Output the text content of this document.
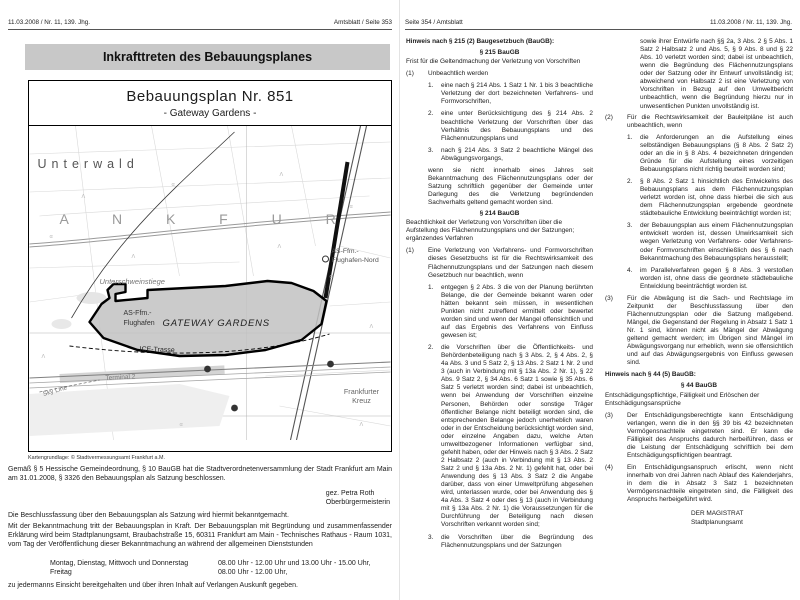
11.03.2008 / Nr. 11, 139. Jhg.	Amtsblatt / Seite 353
Inkrafttreten des Bebauungsplanes
Bebauungsplan Nr. 851
- Gateway Gardens -
Λ
α
Λ
α
Λ
α
Λ
α
Λ
Λ
α
Λ
Unterwald
A N K F U R
Unterschweinstiege
AS-Ffm.-
Flughafen-Nord
AS-Ffm.-
Flughafen GATEWAY GARDENS
ICE-Trasse
Frankfurter
Kreuz
Terminal 2
Sky Line
Kartengrundlage: © Stadtvermessungsamt Frankfurt a.M.
Gemäß § 5 Hessische Gemeindeordnung, § 10 BauGB hat die Stadtverordnetenversammlung der Stadt Frankfurt am Main am 31.01.2008, § 3326 den Bebauungsplan als Satzung beschlossen.
gez. Petra Roth
Oberbürgermeisterin
Die Beschlussfassung über den Bebauungsplan als Satzung wird hiermit bekanntgemacht.
Mit der Bekanntmachung tritt der Bebauungsplan in Kraft. Der Bebauungsplan mit Begründung und zusammenfassender Erklärung wird beim Stadtplanungsamt, Braubachstraße 15, 60311 Frankfurt am Main - Technisches Rathaus - Raum 1031, vom Tag der Veröffentlichung dieser Bekanntmachung an während der allgemeinen Dienststunden
Montag, Dienstag, Mittwoch und Donnerstag	08.00 Uhr - 12.00 Uhr und 13.00 Uhr - 15.00 Uhr,
Freitag	08.00 Uhr - 12.00 Uhr,
zu jedermanns Einsicht bereitgehalten und über ihren Inhalt auf Verlangen Auskunft gegeben.
Seite 354 / Amtsblatt	11.03.2008 / Nr. 11, 139. Jhg.
Hinweis nach § 215 (2) Baugesetzbuch (BauGB):
§ 215 BauGB
Frist für die Geltendmachung der Verletzung von Vorschriften
(1)	Unbeachtlich werden
1.	eine nach § 214 Abs. 1 Satz 1 Nr. 1 bis 3 beachtliche Verletzung der dort bezeichneten Verfahrens- und Formvorschriften,
2.	eine unter Berücksichtigung des § 214 Abs. 2 beachtliche Verletzung der Vorschriften über das Verhältnis des Bebauungsplans und des Flächennutzungsplans und
3.	nach § 214 Abs. 3 Satz 2 beachtliche Mängel des Abwägungsvorgangs,
wenn sie nicht innerhalb eines Jahres seit Bekanntmachung des Flächennutzungsplans oder der Satzung schriftlich gegenüber der Gemeinde unter Darlegung des die Verletzung begründenden Sachverhalts geltend gemacht worden sind.
§ 214 BauGB
Beachtlichkeit der Verletzung von Vorschriften über die Aufstellung des Flächennutzungsplans und der Satzungen; ergänzendes Verfahren
(1)	Eine Verletzung von Verfahrens- und Formvorschriften dieses Gesetzbuchs ist für die Rechtswirksamkeit des Flächennutzungsplans und der Satzungen nach diesem Gesetzbuch nur beachtlich, wenn
1.	entgegen § 2 Abs. 3 die von der Planung berührten Belange, die der Gemeinde bekannt waren oder hätten bekannt sein müssen, in wesentlichen Punkten nicht zutreffend ermittelt oder bewertet worden sind und wenn der Mangel offensichtlich und auf das Ergebnis des Verfahrens von Einfluss gewesen ist;
2.	die Vorschriften über die Öffentlichkeits- und Behördenbeteiligung nach § 3 Abs. 2, § 4 Abs. 2, § 4a Abs. 3 und 5 Satz 2, § 13 Abs. 2 Satz 1 Nr. 2 und 3 (auch in Verbindung mit § 13a Abs. 2 Nr. 1), § 22 Abs. 9 Satz 2, § 34 Abs. 6 Satz 1 sowie § 35 Abs. 6 Satz 5 verletzt worden sind; dabei ist unbeachtlich, wenn bei Anwendung der Vorschriften einzelne Personen, Behörden oder sonstige Träger öffentlicher Belange nicht beteiligt worden sind, die entsprechenden Belange jedoch unerheblich waren oder in der Entscheidung berücksichtigt worden sind, oder einzelne Angaben dazu, welche Arten umweltbezogener Informationen verfügbar sind, gefehlt haben, oder der Hinweis nach § 3 Abs. 2 Satz 2 Halbsatz 2 (auch in Verbindung mit § 13 Abs. 2 Satz 2 und § 13a Abs. 2 Nr. 1) gefehlt hat, oder bei Anwendung des § 13 Abs. 3 Satz 2 die Angabe darüber, dass von einer Umweltprüfung abgesehen wird, unterlassen wurde, oder bei Anwendung des § 4a Abs. 3 Satz 4 oder des § 13 (auch in Verbindung mit § 13a Abs. 2 Nr. 1) die Voraussetzungen für die Durchführung der Beteiligung nach diesen Vorschriften verkannt worden sind;
3.	die Vorschriften über die Begründung des Flächennutzungsplans und der Satzungen
sowie ihrer Entwürfe nach §§ 2a, 3 Abs. 2 § 5 Abs. 1 Satz 2 Halbsatz 2 und Abs. 5, § 9 Abs. 8 und § 22 Abs. 10 verletzt worden sind; dabei ist unbeachtlich, wenn die Begründung des Flächennutzungsplans oder der Satzung oder ihr Entwurf unvollständig ist; abweichend von Halbsatz 2 ist eine Verletzung von Vorschriften in Bezug auf den Umweltbericht unbeachtlich, wenn die Begründung hierzu nur in unwesentlichen Punkten unvollständig ist.
(2)	Für die Rechtswirksamkeit der Bauleitpläne ist auch unbeachtlich, wenn
1.	die Anforderungen an die Aufstellung eines selbständigen Bebauungsplans (§ 8 Abs. 2 Satz 2) oder an die in § 8 Abs. 4 bezeichneten dringenden Gründe für die Aufstellung eines vorzeitigen Bebauungsplans nicht richtig beurteilt worden sind;
2.	§ 8 Abs. 2 Satz 1 hinsichtlich des Entwickelns des Bebauungsplans aus dem Flächennutzungsplan verletzt worden ist, ohne dass hierbei die sich aus dem Flächennutzungsplan ergebende geordnete städtebauliche Entwicklung beeinträchtigt worden ist;
3.	der Bebauungsplan aus einem Flächennutzungsplan entwickelt worden ist, dessen Unwirksamkeit sich wegen Verletzung von Verfahrens- oder Verfahrens- oder Formvorschriften einschließlich des § 6 nach Bekanntmachung des Bebauungsplans herausstellt;
4.	im Parallelverfahren gegen § 8 Abs. 3 verstoßen worden ist, ohne dass die geordnete städtebauliche Entwicklung beeinträchtigt worden ist.
(3)	Für die Abwägung ist die Sach- und Rechtslage im Zeitpunkt der Beschlussfassung über den Flächennutzungsplan oder die Satzung maßgebend. Mängel, die Gegenstand der Regelung in Absatz 1 Satz 1 Nr. 1 sind, können nicht als Mängel der Abwägung geltend gemacht werden; im Übrigen sind Mängel im Abwägungsvorgang nur erheblich, wenn sie offensichtlich und auf das Abwägungsergebnis von Einfluss gewesen sind.
Hinweis nach § 44 (5) BauGB:
§ 44 BauGB
Entschädigungspflichtige, Fälligkeit und Erlöschen der Entschädigungsansprüche
(3)	Der Entschädigungsberechtigte kann Entschädigung verlangen, wenn die in den §§ 39 bis 42 bezeichneten Vermögensnachteile eingetreten sind. Er kann die Fälligkeit des Anspruchs dadurch herbeiführen, dass er die Leistung der Entschädigung schriftlich bei dem Entschädigungspflichtigen beantragt.
(4)	Ein Entschädigungsanspruch erlischt, wenn nicht innerhalb von drei Jahren nach Ablauf des Kalenderjahrs, in dem die in Absatz 3 Satz 1 bezeichneten Vermögensnachteile eingetreten sind, die Fälligkeit des Anspruchs herbeigeführt wird.
DER MAGISTRAT
Stadtplanungsamt
